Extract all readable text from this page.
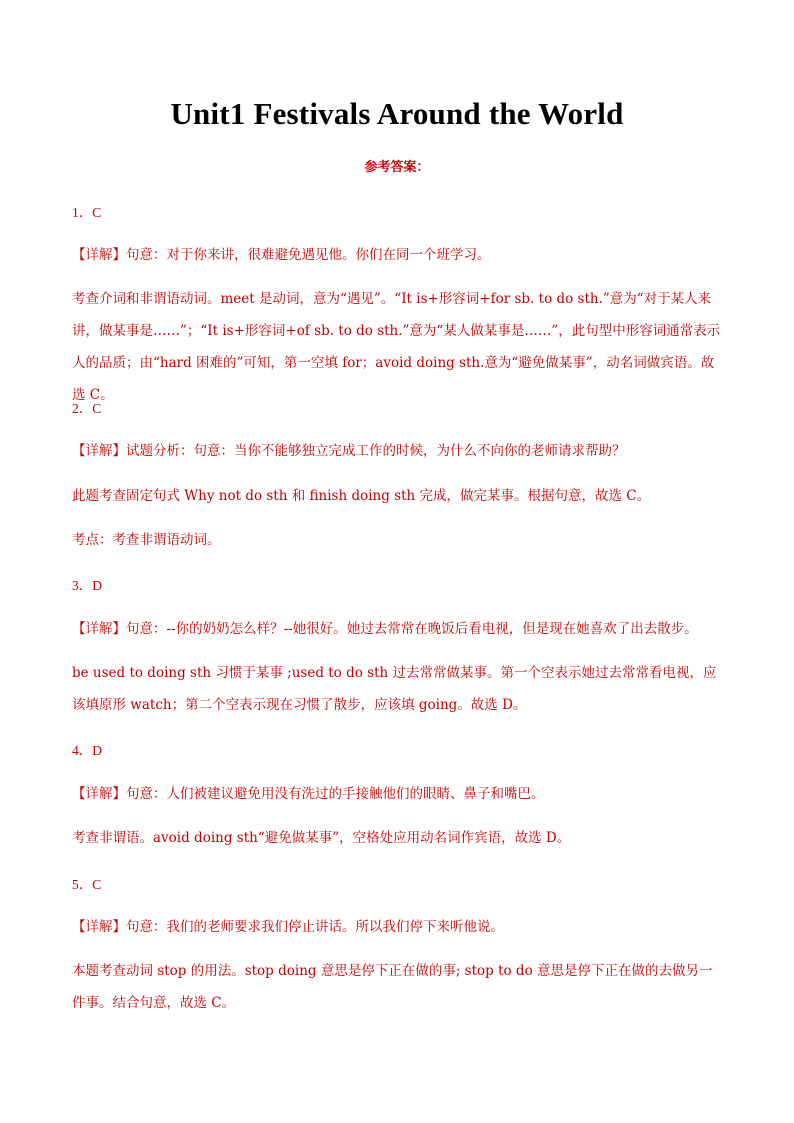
Unit1 Festivals Around the World
参考答案：
1．C
【详解】句意：对于你来讲，很难避免遇见他。你们在同一个班学习。
考查介词和非谓语动词。meet 是动词，意为“遇见”。“It is+形容词+for sb. to do sth.”意为“对于某人来讲，做某事是……”；“It is+形容词+of sb. to do sth.”意为“某人做某事是……”，此句型中形容词通常表示人的品质；由“hard 困难的”可知，第一空填 for；avoid doing sth.意为“避免做某事”，动名词做宾语。故选 C。
2．C
【详解】试题分析：句意：当你不能够独立完成工作的时候，为什么不向你的老师请求帮助？
此题考查固定句式 Why not do sth 和 finish doing sth 完成，做完某事。根据句意，故选 C。
考点：考查非谓语动词。
3．D
【详解】句意：--你的奶奶怎么样？--她很好。她过去常常在晚饭后看电视，但是现在她喜欢了出去散步。
be used to doing sth 习惯于某事 ;used to do sth 过去常常做某事。第一个空表示她过去常常看电视，应该填原形 watch；第二个空表示现在习惯了散步，应该填 going。故选 D。
4．D
【详解】句意：人们被建议避免用没有洗过的手接触他们的眼睛、鼻子和嘴巴。
考查非谓语。avoid doing sth“避免做某事”，空格处应用动名词作宾语，故选 D。
5．C
【详解】句意：我们的老师要求我们停止讲话。所以我们停下来听他说。
本题考查动词 stop 的用法。stop doing 意思是停下正在做的事; stop to do 意思是停下正在做的去做另一件事。结合句意，故选 C。
